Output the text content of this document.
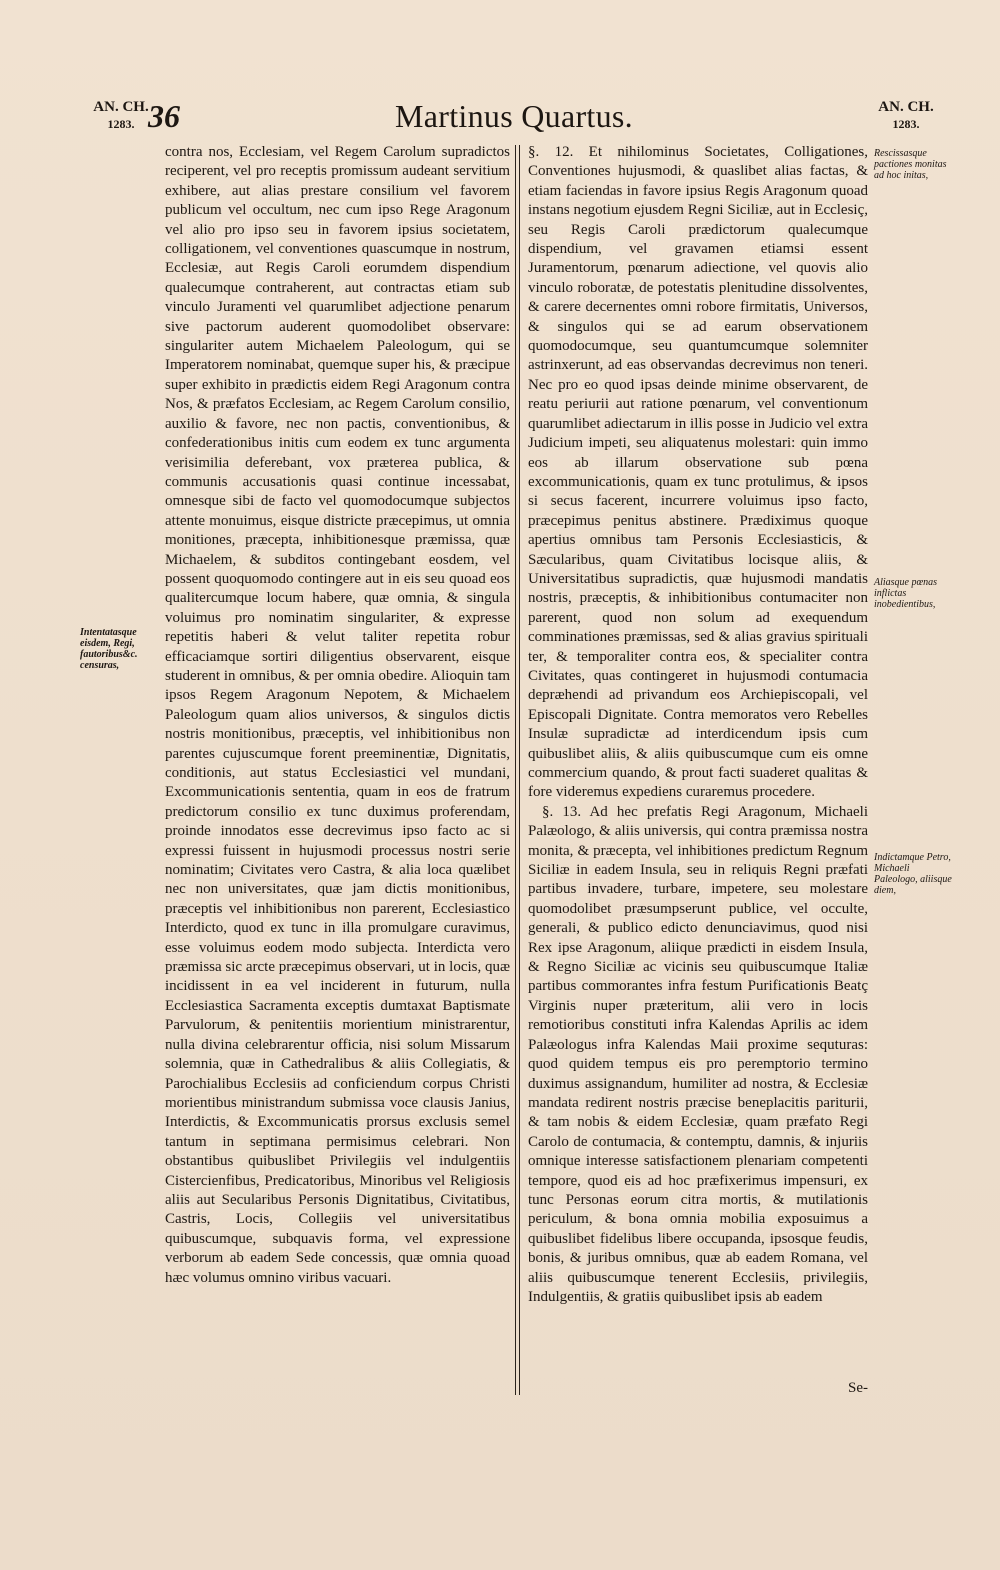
AN. CH.
1283. 36	Martinus Quartus.	AN. CH.
1283.

contra nos, Ecclesiam, vel Regem Carolum supradictos reciperent, vel pro receptis promissum audeant servitium exhibere, aut alias prestare consilium vel favorem publicum vel occultum, nec cum ipso Rege Aragonum vel alio pro ipso seu in favorem ipsius societatem, colligationem, vel conventiones quascumque in nostrum, Ecclesiæ, aut Regis Caroli eorumdem dispendium qualecumque contraherent, aut contractas etiam sub vinculo Juramenti vel quarumlibet adjectione penarum sive pactorum auderent quomodolibet observare: singulariter autem Michaelem Paleologum, qui se Imperatorem nominabat, quemque super his, & præcipue super exhibito in prædictis eidem Regi Aragonum contra Nos, & præfatos Ecclesiam, ac Regem Carolum consilio, auxilio & favore, nec non pactis, conventionibus, & confederationibus initis cum eodem ex tunc argumenta verisimilia deferebant, vox præterea publica, & communis accusationis quasi continue incessabat, omnesque sibi de facto vel quomodocumque subjectos attente monuimus, eisque districte præcepimus, ut omnia monitiones, præcepta, inhibitionesque præmissa, quæ Michaelem, & subditos contingebant eosdem, vel possent quoquomodo contingere aut in eis seu quoad eos qualitercumque locum habere, quæ omnia, & singula voluimus pro nominatim singulariter, & expresse repetitis haberi & velut taliter repetita robur efficaciamque sortiri diligentius observarent, eisque studerent in omnibus, & per omnia obedire. Alioquin tam ipsos Regem Aragonum Nepotem, & Michaelem Paleologum quam alios universos, & singulos dictis nostris monitionibus, præceptis, vel inhibitionibus non parentes cujuscumque forent preeminentiæ, Dignitatis, conditionis, aut status Ecclesiastici vel mundani, Excommunicationis sententia, quam in eos de fratrum predictorum consilio ex tunc duximus proferendam, proinde innodatos esse decrevimus ipso facto ac si expressi fuissent in hujusmodi processus nostri serie nominatim; Civitates vero Castra, & alia loca quælibet nec non universitates, quæ jam dictis monitionibus, præceptis vel inhibitionibus non parerent, Ecclesiastico Interdicto, quod ex tunc in illa promulgare curavimus, esse voluimus eodem modo subjecta. Interdicta vero præmissa sic arcte præcepimus observari, ut in locis, quæ incidissent in ea vel inciderent in futurum, nulla Ecclesiastica Sacramenta exceptis dumtaxat Baptismate Parvulorum, & penitentiis morientium ministrarentur, nulla divina celebrarentur officia, nisi solum Missarum solemnia, quæ in Cathedralibus & aliis Collegiatis, & Parochialibus Ecclesiis ad conficiendum corpus Christi morientibus ministrandum submissa voce clausis Janius, Interdictis, & Excommunicatis prorsus exclusis semel tantum in septimana permisimus celebrari. Non obstantibus quibuslibet Privilegiis vel indulgentiis Cistercienfibus, Predicatoribus, Minoribus vel Religiosis aliis aut Secularibus Personis Dignitatibus, Civitatibus, Castris, Locis, Collegiis vel universitatibus quibuscumque, subquavis forma, vel expressione verborum ab eadem Sede concessis, quæ omnia quoad hæc volumus omnino viribus vacuari.

§. 12. Et nihilominus Societates, Colligationes, Conventiones hujusmodi, & quaslibet alias factas, & etiam faciendas in favore ipsius Regis Aragonum quoad instans negotium ejusdem Regni Siciliæ, aut in Ecclesiç, seu Regis Caroli prædictorum qualecumque dispendium, vel gravamen etiamsi essent Juramentorum, pœnarum adiectione, vel quovis alio vinculo roboratæ, de potestatis plenitudine dissolventes, & carere decernentes omni robore firmitatis, Universos, & singulos qui se ad earum observationem quomodocumque, seu quantumcumque solemniter astrinxerunt, ad eas observandas decrevimus non teneri. Nec pro eo quod ipsas deinde minime observarent, de reatu periurii aut ratione pœnarum, vel conventionum quarumlibet adiectarum in illis posse in Judicio vel extra Judicium impeti, seu aliquatenus molestari: quin immo eos ab illarum observatione sub pœna excommunicationis, quam ex tunc protulimus, & ipsos si secus facerent, incurrere voluimus ipso facto, præcepimus penitus abstinere. Prædiximus quoque apertius omnibus tam Personis Ecclesiasticis, & Sæcularibus, quam Civitatibus locisque aliis, & Universitatibus supradictis, quæ hujusmodi mandatis nostris, præceptis, & inhibitionibus contumaciter non parerent, quod non solum ad exequendum comminationes præmissas, sed & alias gravius spirituali ter, & temporaliter contra eos, & specialiter contra Civitates, quas contingeret in hujusmodi contumacia depræhendi ad privandum eos Archiepiscopali, vel Episcopali Dignitate. Contra memoratos vero Rebelles Insulæ supradictæ ad interdicendum ipsis cum quibuslibet aliis, & aliis quibuscumque cum eis omne commercium quando, & prout facti suaderet qualitas & fore videremus expediens curaremus procedere.

§. 13. Ad hec prefatis Regi Aragonum, Michaeli Palæologo, & aliis universis, qui contra præmissa nostra monita, & præcepta, vel inhibitiones predictum Regnum Siciliæ in eadem Insula, seu in reliquis Regni præfati partibus invadere, turbare, impetere, seu molestare quomodolibet præsumpserunt publice, vel occulte, generali, & publico edicto denunciavimus, quod nisi Rex ipse Aragonum, aliique prædicti in eisdem Insula, & Regno Siciliæ ac vicinis seu quibuscumque Italiæ partibus commorantes infra festum Purificationis Beatç Virginis nuper præteritum, alii vero in locis remotioribus constituti infra Kalendas Aprilis ac idem Palæologus infra Kalendas Maii proxime sequturas: quod quidem tempus eis pro peremptorio termino duximus assignandum, humiliter ad nostra, & Ecclesiæ mandata redirent nostris præcise beneplacitis pariturii, & tam nobis & eidem Ecclesiæ, quam præfato Regi Carolo de contumacia, & contemptu, damnis, & injuriis omnique interesse satisfactionem plenariam competenti tempore, quod eis ad hoc præfixerimus impensuri, ex tunc Personas eorum citra mortis, & mutilationis periculum, & bona omnia mobilia exposuimus a quibuslibet fidelibus libere occupanda, ipsosque feudis, bonis, & juribus omnibus, quæ ab eadem Romana, vel aliis quibuscumque tenerent Ecclesiis, privilegiis, Indulgentiis, & gratiis quibuslibet ipsis ab eadem

Intentatasque eisdem, Regi, fautoribus&c. censuras,
Rescissasque pactiones monitas ad hoc initas,
Aliasque pœnas inflictas inobedientibus,
Indictamque Petro, Michaeli Paleologo, aliisque diem,
Se-
